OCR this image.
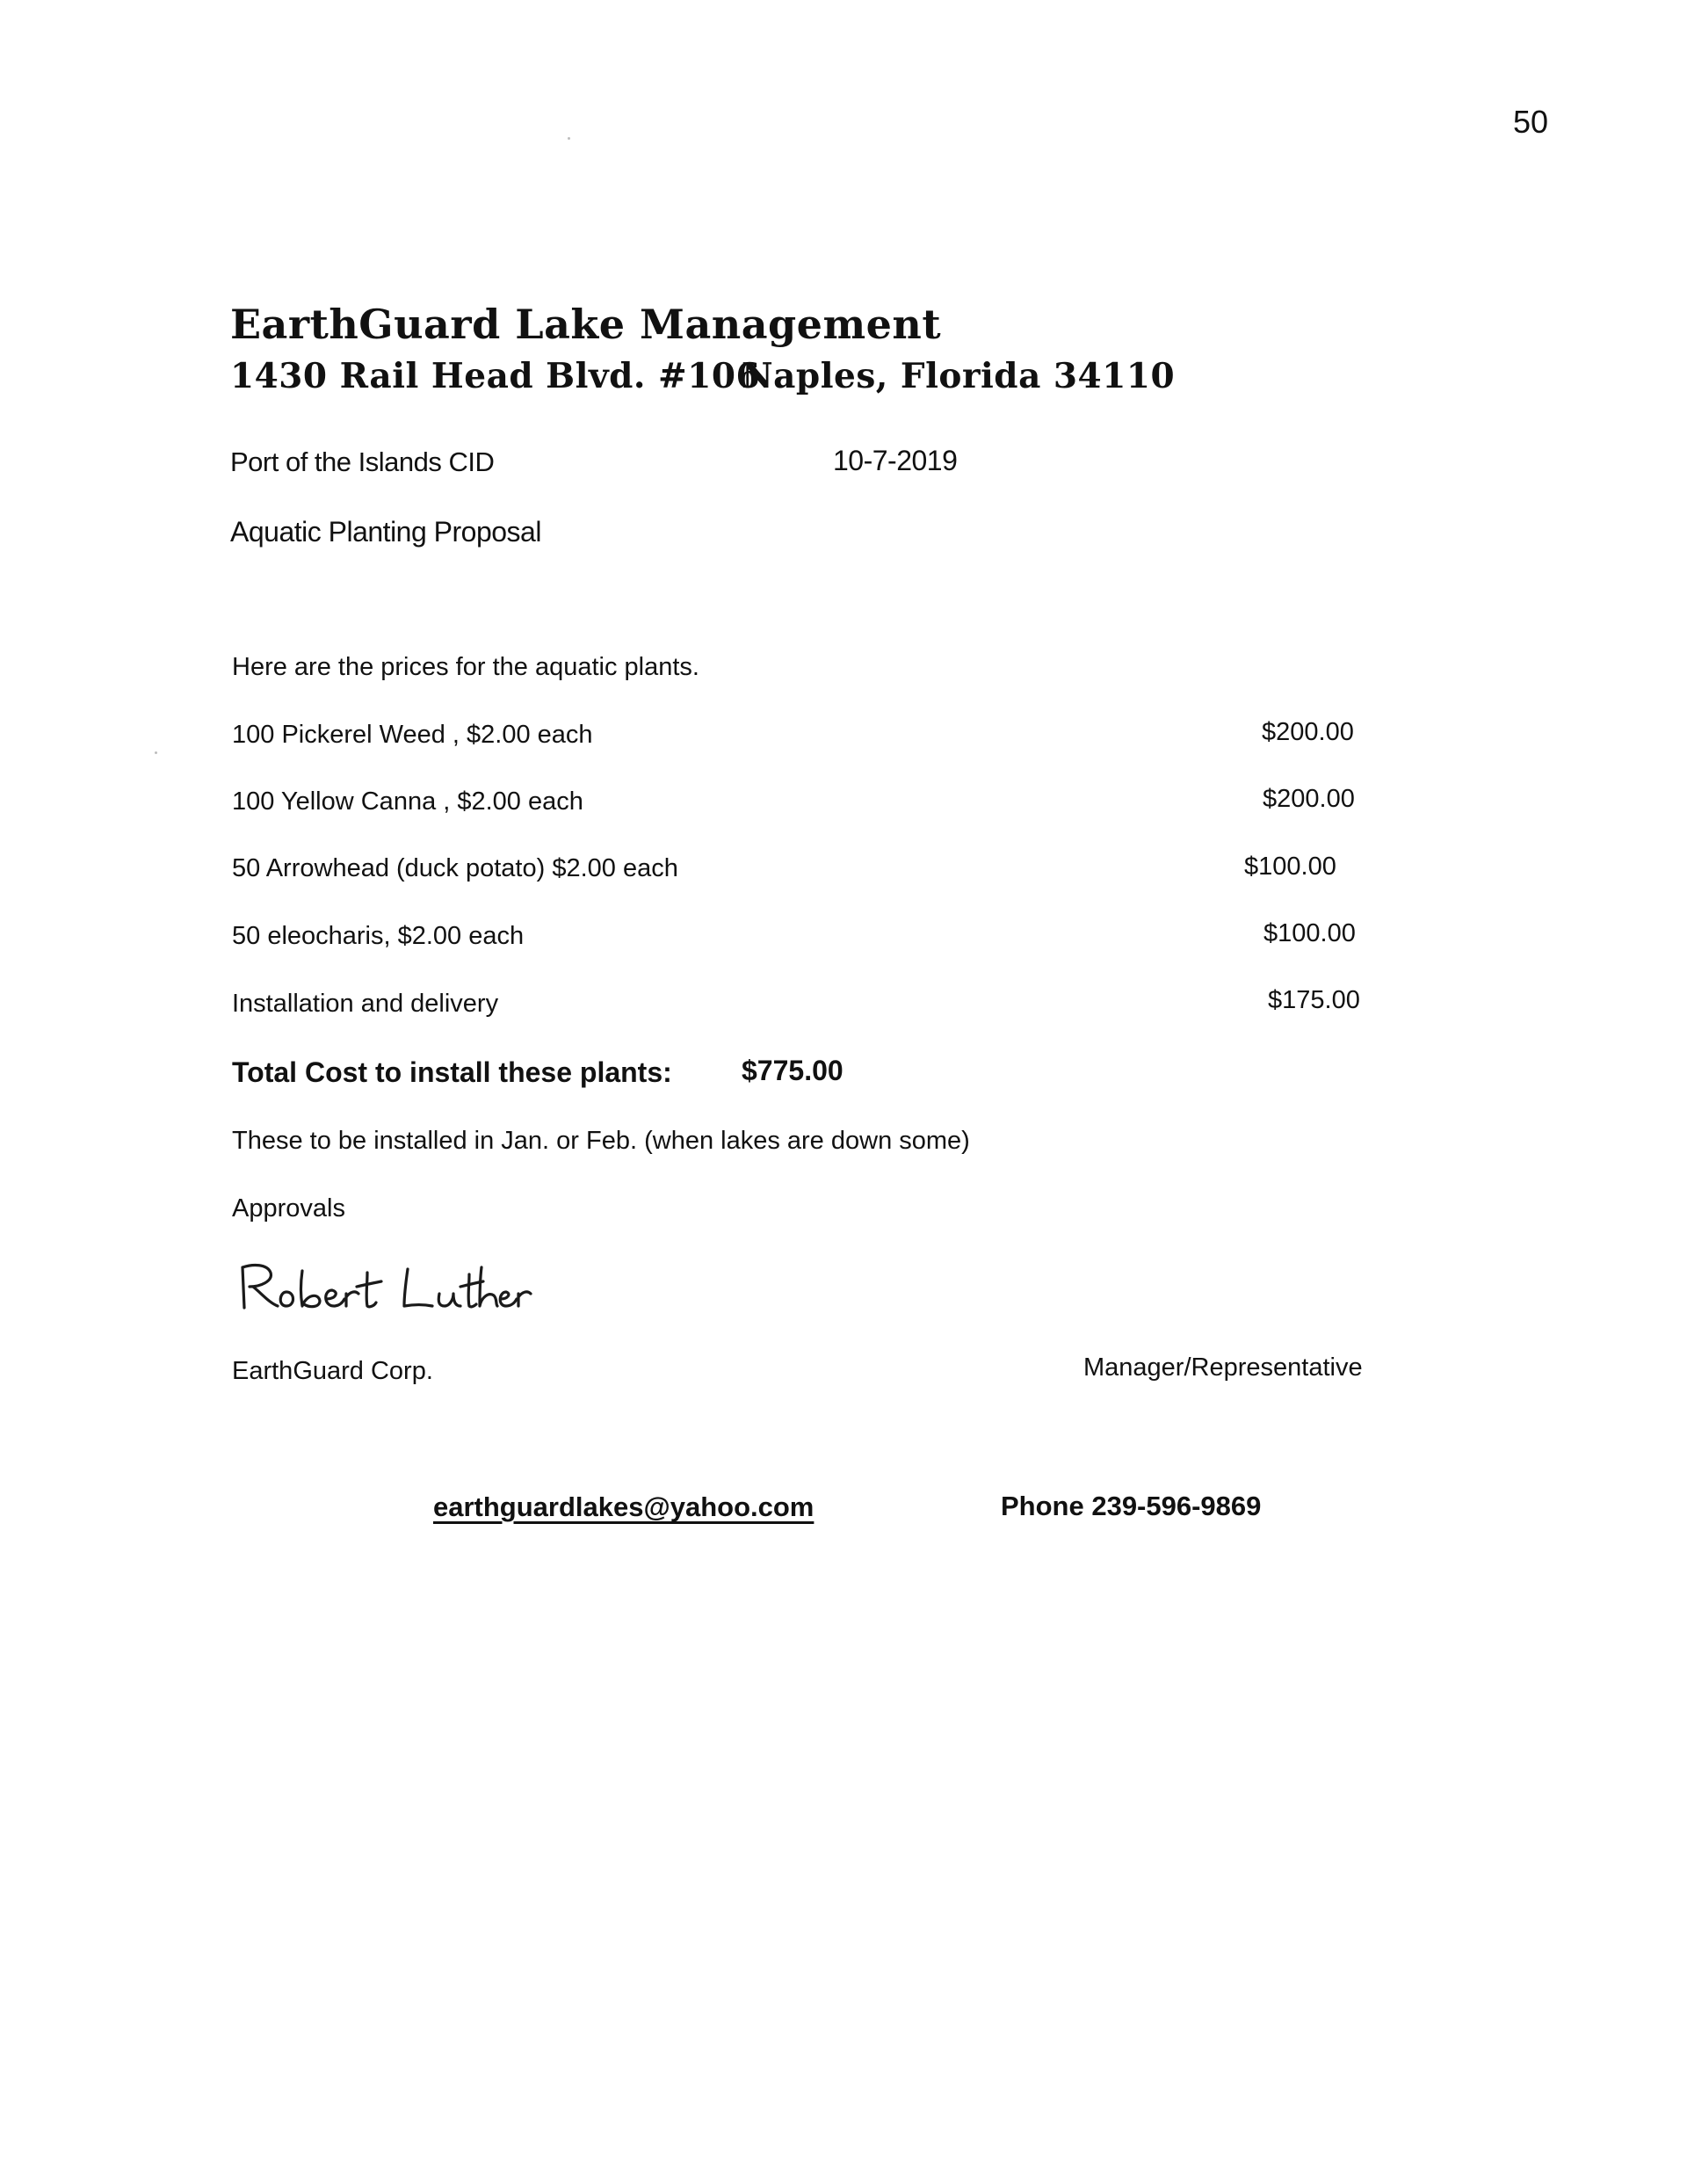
50
EarthGuard Lake Management
1430 Rail Head Blvd. #106
Naples, Florida 34110
Port of the Islands CID	10-7-2019
Aquatic Planting Proposal
Here are the prices for the aquatic plants.
100 Pickerel Weed , $2.00 each	$200.00
100 Yellow Canna , $2.00 each	$200.00
50 Arrowhead (duck potato) $2.00 each	$100.00
50 eleocharis, $2.00 each	$100.00
Installation and delivery	$175.00
Total Cost to install these plants: $775.00
These to be installed in Jan. or Feb. (when lakes are down some)
Approvals
EarthGuard Corp.	Manager/Representative
earthguardlakes@yahoo.com	Phone 239-596-9869
